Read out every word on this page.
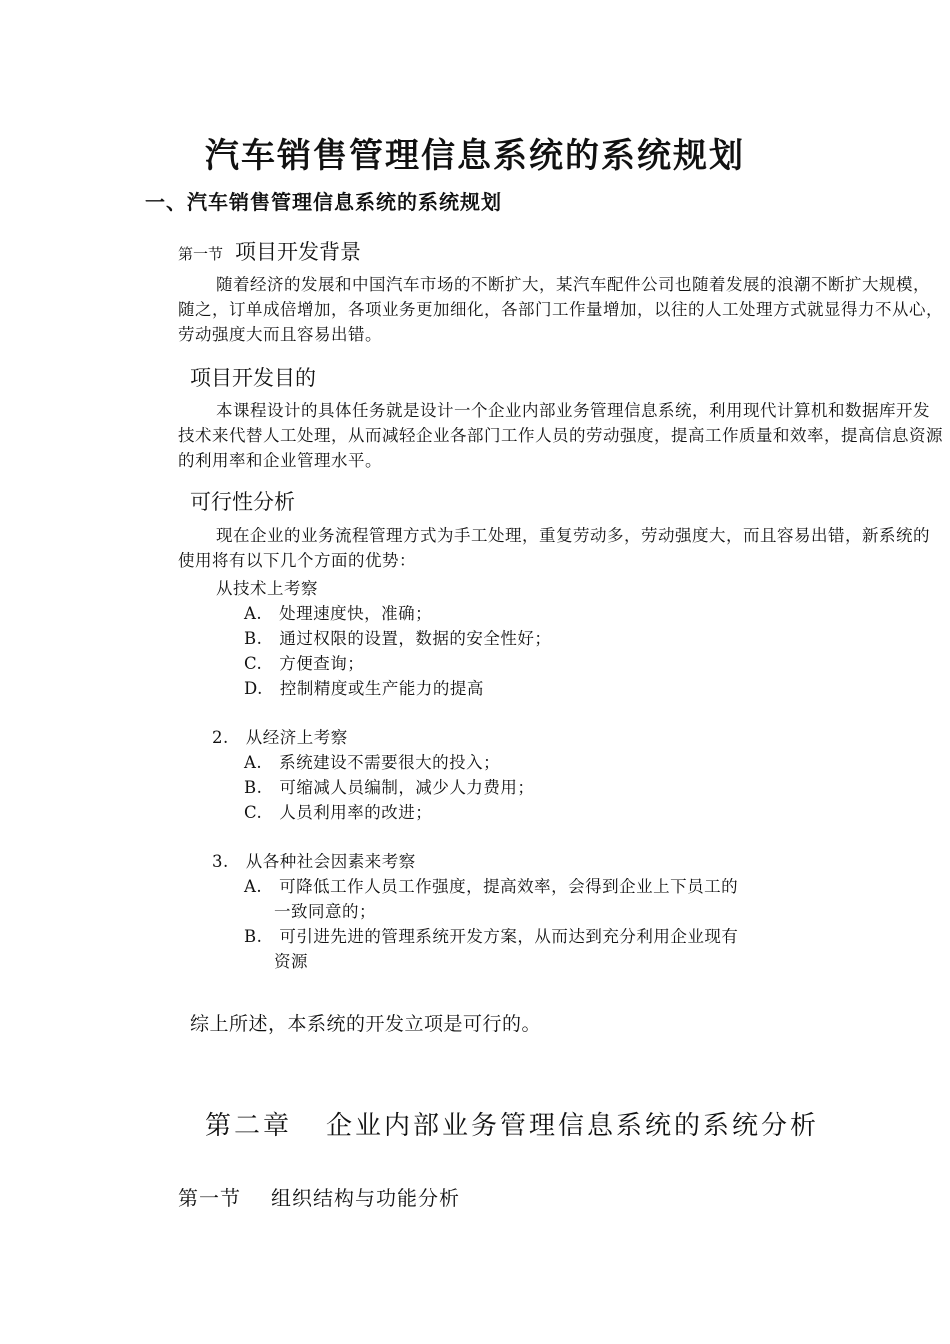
汽车销售管理信息系统的系统规划
一、汽车销售管理信息系统的系统规划
第一节 项目开发背景
随着经济的发展和中国汽车市场的不断扩大，某汽车配件公司也随着发展的浪潮不断扩大规模，随之，订单成倍增加，各项业务更加细化，各部门工作量增加，以往的人工处理方式就显得力不从心，劳动强度大而且容易出错。
项目开发目的
本课程设计的具体任务就是设计一个企业内部业务管理信息系统，利用现代计算机和数据库开发技术来代替人工处理，从而减轻企业各部门工作人员的劳动强度，提高工作质量和效率，提高信息资源的利用率和企业管理水平。
可行性分析
现在企业的业务流程管理方式为手工处理，重复劳动多，劳动强度大，而且容易出错，新系统的使用将有以下几个方面的优势：
从技术上考察
A.　处理速度快，准确；
B.　通过权限的设置，数据的安全性好；
C.　方便查询；
D.　控制精度或生产能力的提高
2.　从经济上考察
A.　系统建设不需要很大的投入；
B.　可缩减人员编制，减少人力费用；
C.　人员利用率的改进；
3.　从各种社会因素来考察
A.　可降低工作人员工作强度，提高效率，会得到企业上下员工的
一致同意的；
B.　可引进先进的管理系统开发方案，从而达到充分利用企业现有
资源
综上所述，本系统的开发立项是可行的。
第二章 企业内部业务管理信息系统的系统分析
第一节 组织结构与功能分析
